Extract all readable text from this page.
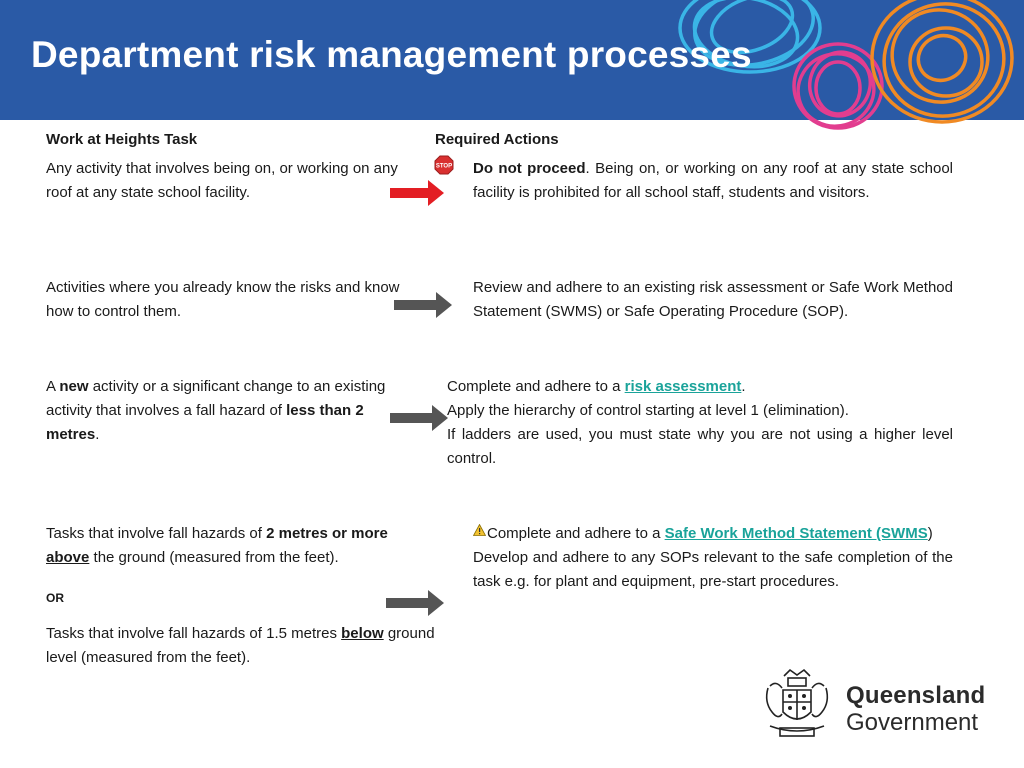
Department risk management processes

Work at Heights Task	Required Actions

Any activity that involves being on, or working on any roof at any state school facility.

STOP Do not proceed. Being on, or working on any roof at any state school facility is prohibited for all school staff, students and visitors.

Activities where you already know the risks and know how to control them.

Review and adhere to an existing risk assessment or Safe Work Method Statement (SWMS) or Safe Operating Procedure (SOP).

A new activity or a significant change to an existing activity that involves a fall hazard of less than 2 metres.

Complete and adhere to a risk assessment.
Apply the hierarchy of control starting at level 1 (elimination).
If ladders are used, you must state why you are not using a higher level control.

Tasks that involve fall hazards of 2 metres or more above the ground (measured from the feet).

OR

Tasks that involve fall hazards of 1.5 metres below ground level (measured from the feet).

Complete and adhere to a Safe Work Method Statement (SWMS)
Develop and adhere to any SOPs relevant to the safe completion of the task e.g. for plant and equipment, pre-start procedures.
Queensland
Government
